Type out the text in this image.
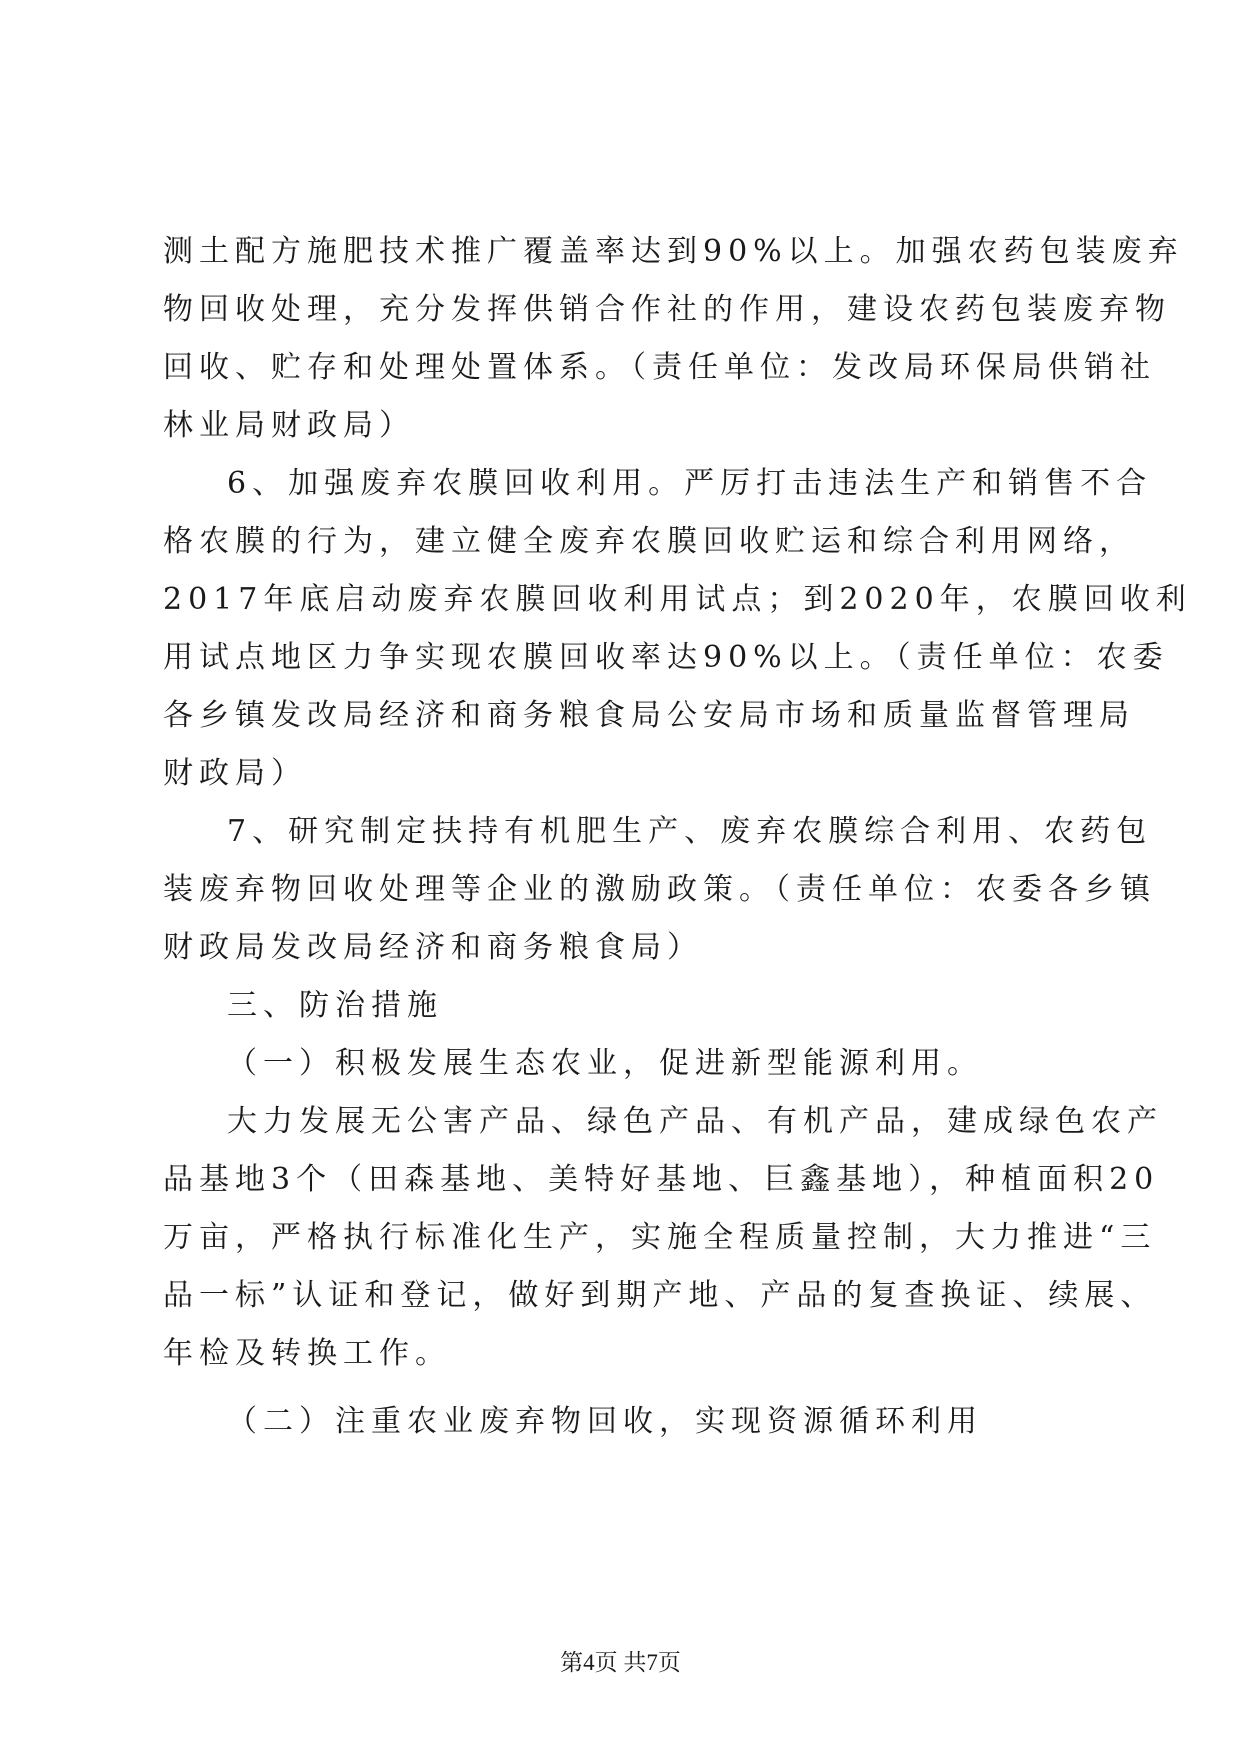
测土配方施肥技术推广覆盖率达到90%以上。加强农药包装废弃
物回收处理，充分发挥供销合作社的作用，建设农药包装废弃物
回收、贮存和处理处置体系。（责任单位：发改局环保局供销社
林业局财政局）
6、加强废弃农膜回收利用。严厉打击违法生产和销售不合
格农膜的行为，建立健全废弃农膜回收贮运和综合利用网络，
2017年底启动废弃农膜回收利用试点；到2020年，农膜回收利
用试点地区力争实现农膜回收率达90%以上。（责任单位：农委
各乡镇发改局经济和商务粮食局公安局市场和质量监督管理局
财政局）
7、研究制定扶持有机肥生产、废弃农膜综合利用、农药包
装废弃物回收处理等企业的激励政策。（责任单位：农委各乡镇
财政局发改局经济和商务粮食局）
三、防治措施
（一）积极发展生态农业，促进新型能源利用。
大力发展无公害产品、绿色产品、有机产品，建成绿色农产
品基地3个（田森基地、美特好基地、巨鑫基地），种植面积20
万亩，严格执行标准化生产，实施全程质量控制，大力推进“三
品一标”认证和登记，做好到期产地、产品的复查换证、续展、
年检及转换工作。
（二）注重农业废弃物回收，实现资源循环利用
第4页 共7页
